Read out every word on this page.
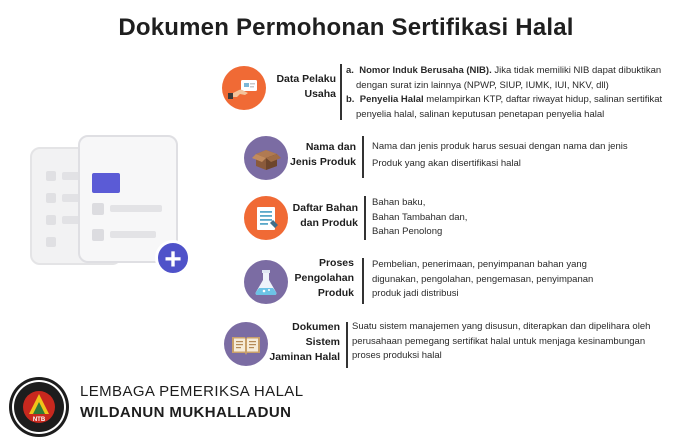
Dokumen Permohonan Sertifikasi Halal
+
Data Pelaku
Usaha
a. Nomor Induk Berusaha (NIB). Jika tidak memiliki NIB dapat dibuktikan
dengan surat izin lainnya (NPWP, SIUP, IUMK, IUI, NKV, dll)
b. Penyelia Halal melampirkan KTP, daftar riwayat hidup, salinan sertifikat
penyelia halal, salinan keputusan penetapan penyelia halal
Nama dan
Jenis Produk
Nama dan jenis produk harus sesuai dengan nama dan jenis
Produk yang akan disertifikasi halal
Daftar Bahan
dan Produk
Bahan baku,
Bahan Tambahan dan,
Bahan Penolong
Proses
Pengolahan
Produk
Pembelian, penerimaan, penyimpanan bahan yang
digunakan, pengolahan, pengemasan, penyimpanan
produk jadi distribusi
Dokumen
Sistem
Jaminan Halal
Suatu sistem manajemen yang disusun, diterapkan dan dipelihara oleh
perusahaan pemegang sertifikat halal untuk menjaga kesinambungan
proses produksi halal
NTB
LEMBAGA PEMERIKSA HALAL
WILDANUN MUKHALLADUN
